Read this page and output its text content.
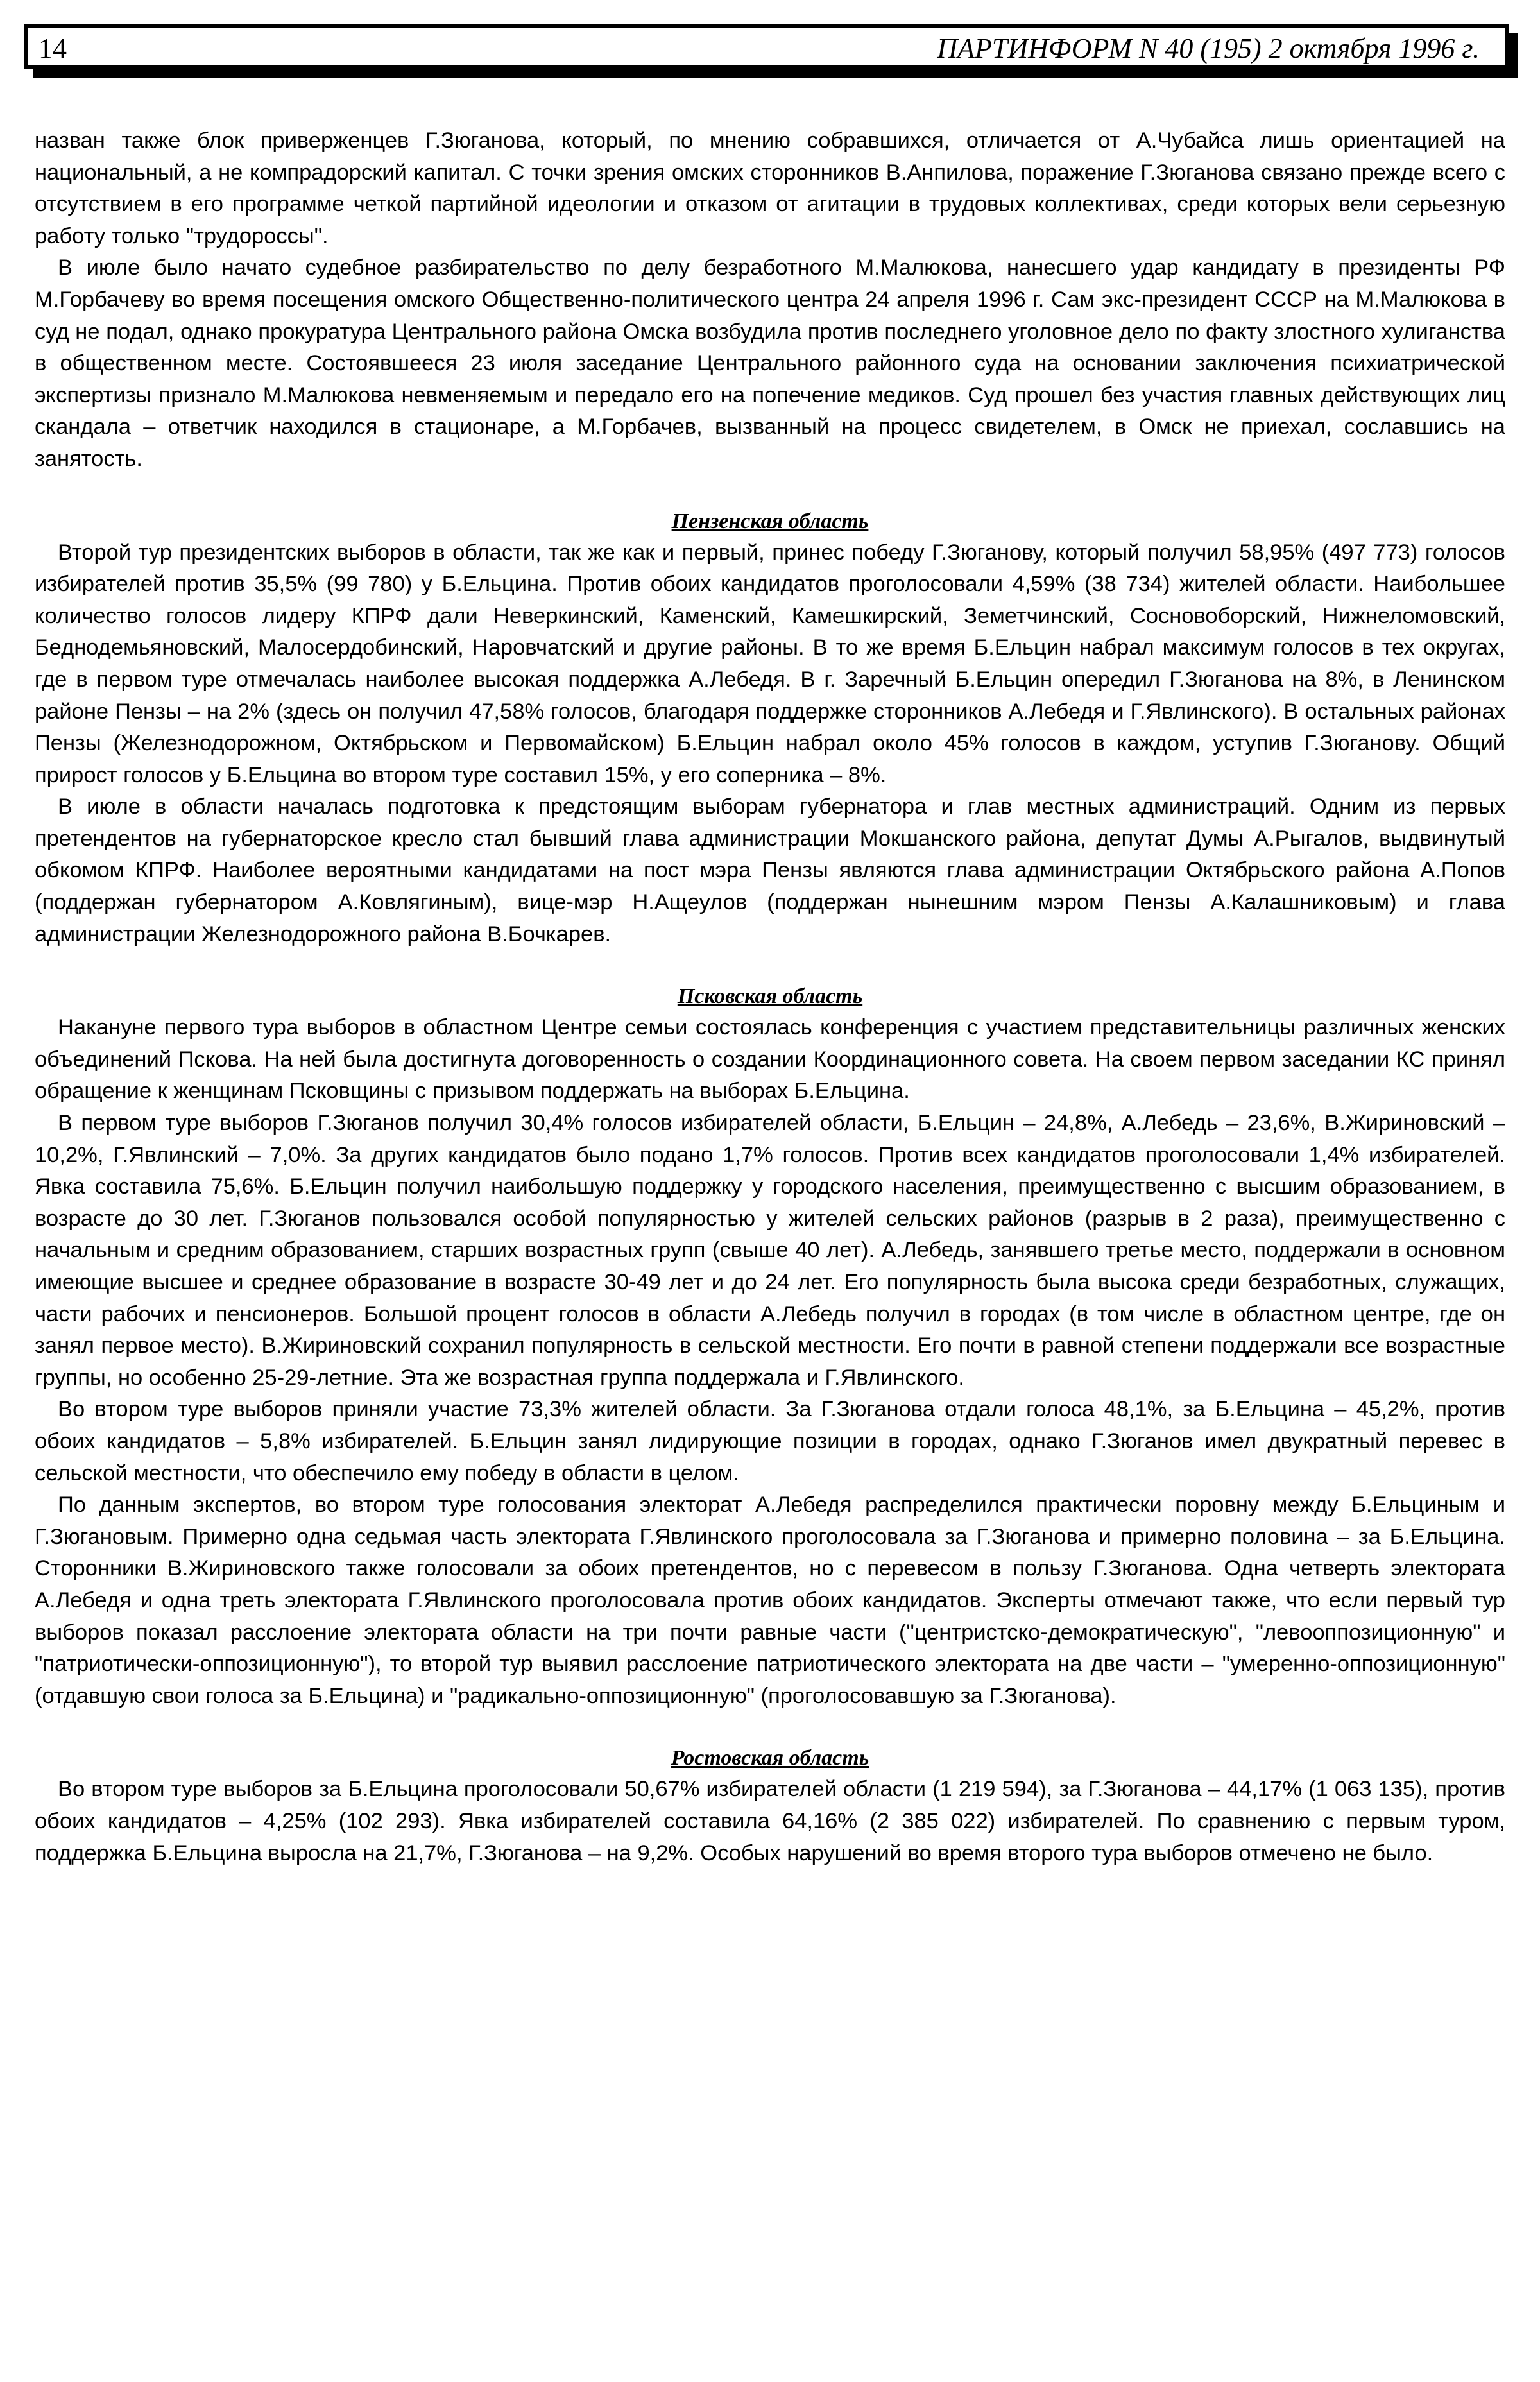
14	ПАРТИНФОРМ N 40 (195) 2 октября 1996 г.

назван также блок приверженцев Г.Зюганова, который, по мнению собравшихся, отличается от А.Чубайса лишь ориентацией на национальный, а не компрадорский капитал. С точки зрения омских сторонников В.Анпилова, поражение Г.Зюганова связано прежде всего с отсутствием в его программе четкой партийной идеологии и отказом от агитации в трудовых коллективах, среди которых вели серьезную работу только "трудороссы".

В июле было начато судебное разбирательство по делу безработного М.Малюкова, нанесшего удар кандидату в президенты РФ М.Горбачеву во время посещения омского Общественно-политического центра 24 апреля 1996 г. Сам экс-президент СССР на М.Малюкова в суд не подал, однако прокуратура Центрального района Омска возбудила против последнего уголовное дело по факту злостного хулиганства в общественном месте. Состоявшееся 23 июля заседание Центрального районного суда на основании заключения психиатрической экспертизы признало М.Малюкова невменяемым и передало его на попечение медиков. Суд прошел без участия главных действующих лиц скандала – ответчик находился в стационаре, а М.Горбачев, вызванный на процесс свидетелем, в Омск не приехал, сославшись на занятость.

Пензенская область

Второй тур президентских выборов в области, так же как и первый, принес победу Г.Зюганову, который получил 58,95% (497 773) голосов избирателей против 35,5% (99 780) у Б.Ельцина. Против обоих кандидатов проголосовали 4,59% (38 734) жителей области. Наибольшее количество голосов лидеру КПРФ дали Неверкинский, Каменский, Камешкирский, Земетчинский, Сосновоборский, Нижнеломовский, Беднодемьяновский, Малосердобинский, Наровчатский и другие районы. В то же время Б.Ельцин набрал максимум голосов в тех округах, где в первом туре отмечалась наиболее высокая поддержка А.Лебедя. В г. Заречный Б.Ельцин опередил Г.Зюганова на 8%, в Ленинском районе Пензы – на 2% (здесь он получил 47,58% голосов, благодаря поддержке сторонников А.Лебедя и Г.Явлинского). В остальных районах Пензы (Железнодорожном, Октябрьском и Первомайском) Б.Ельцин набрал около 45% голосов в каждом, уступив Г.Зюганову. Общий прирост голосов у Б.Ельцина во втором туре составил 15%, у его соперника – 8%.

В июле в области началась подготовка к предстоящим выборам губернатора и глав местных администраций. Одним из первых претендентов на губернаторское кресло стал бывший глава администрации Мокшанского района, депутат Думы А.Рыгалов, выдвинутый обкомом КПРФ. Наиболее вероятными кандидатами на пост мэра Пензы являются глава администрации Октябрьского района А.Попов (поддержан губернатором А.Ковлягиным), вице-мэр Н.Ащеулов (поддержан нынешним мэром Пензы А.Калашниковым) и глава администрации Железнодорожного района В.Бочкарев.

Псковская область

Накануне первого тура выборов в областном Центре семьи состоялась конференция с участием представительницы различных женских объединений Пскова. На ней была достигнута договоренность о создании Координационного совета. На своем первом заседании КС принял обращение к женщинам Псковщины с призывом поддержать на выборах Б.Ельцина.

В первом туре выборов Г.Зюганов получил 30,4% голосов избирателей области, Б.Ельцин – 24,8%, А.Лебедь – 23,6%, В.Жириновский – 10,2%, Г.Явлинский – 7,0%. За других кандидатов было подано 1,7% голосов. Против всех кандидатов проголосовали 1,4% избирателей. Явка составила 75,6%. Б.Ельцин получил наибольшую поддержку у городского населения, преимущественно с высшим образованием, в возрасте до 30 лет. Г.Зюганов пользовался особой популярностью у жителей сельских районов (разрыв в 2 раза), преимущественно с начальным и средним образованием, старших возрастных групп (свыше 40 лет). А.Лебедь, занявшего третье место, поддержали в основном имеющие высшее и среднее образование в возрасте 30-49 лет и до 24 лет. Его популярность была высока среди безработных, служащих, части рабочих и пенсионеров. Большой процент голосов в области А.Лебедь получил в городах (в том числе в областном центре, где он занял первое место). В.Жириновский сохранил популярность в сельской местности. Его почти в равной степени поддержали все возрастные группы, но особенно 25-29-летние. Эта же возрастная группа поддержала и Г.Явлинского.

Во втором туре выборов приняли участие 73,3% жителей области. За Г.Зюганова отдали голоса 48,1%, за Б.Ельцина – 45,2%, против обоих кандидатов – 5,8% избирателей. Б.Ельцин занял лидирующие позиции в городах, однако Г.Зюганов имел двукратный перевес в сельской местности, что обеспечило ему победу в области в целом.

По данным экспертов, во втором туре голосования электорат А.Лебедя распределился практически поровну между Б.Ельциным и Г.Зюгановым. Примерно одна седьмая часть электората Г.Явлинского проголосовала за Г.Зюганова и примерно половина – за Б.Ельцина. Сторонники В.Жириновского также голосовали за обоих претендентов, но с перевесом в пользу Г.Зюганова. Одна четверть электората А.Лебедя и одна треть электората Г.Явлинского проголосовала против обоих кандидатов. Эксперты отмечают также, что если первый тур выборов показал расслоение электората области на три почти равные части ("центристско-демократическую", "левооппозиционную" и "патриотически-оппозиционную"), то второй тур выявил расслоение патриотического электората на две части – "умеренно-оппозиционную" (отдавшую свои голоса за Б.Ельцина) и "радикально-оппозиционную" (проголосовавшую за Г.Зюганова).

Ростовская область

Во втором туре выборов за Б.Ельцина проголосовали 50,67% избирателей области (1 219 594), за Г.Зюганова – 44,17% (1 063 135), против обоих кандидатов – 4,25% (102 293). Явка избирателей составила 64,16% (2 385 022) избирателей. По сравнению с первым туром, поддержка Б.Ельцина выросла на 21,7%, Г.Зюганова – на 9,2%. Особых нарушений во время второго тура выборов отмечено не было.
